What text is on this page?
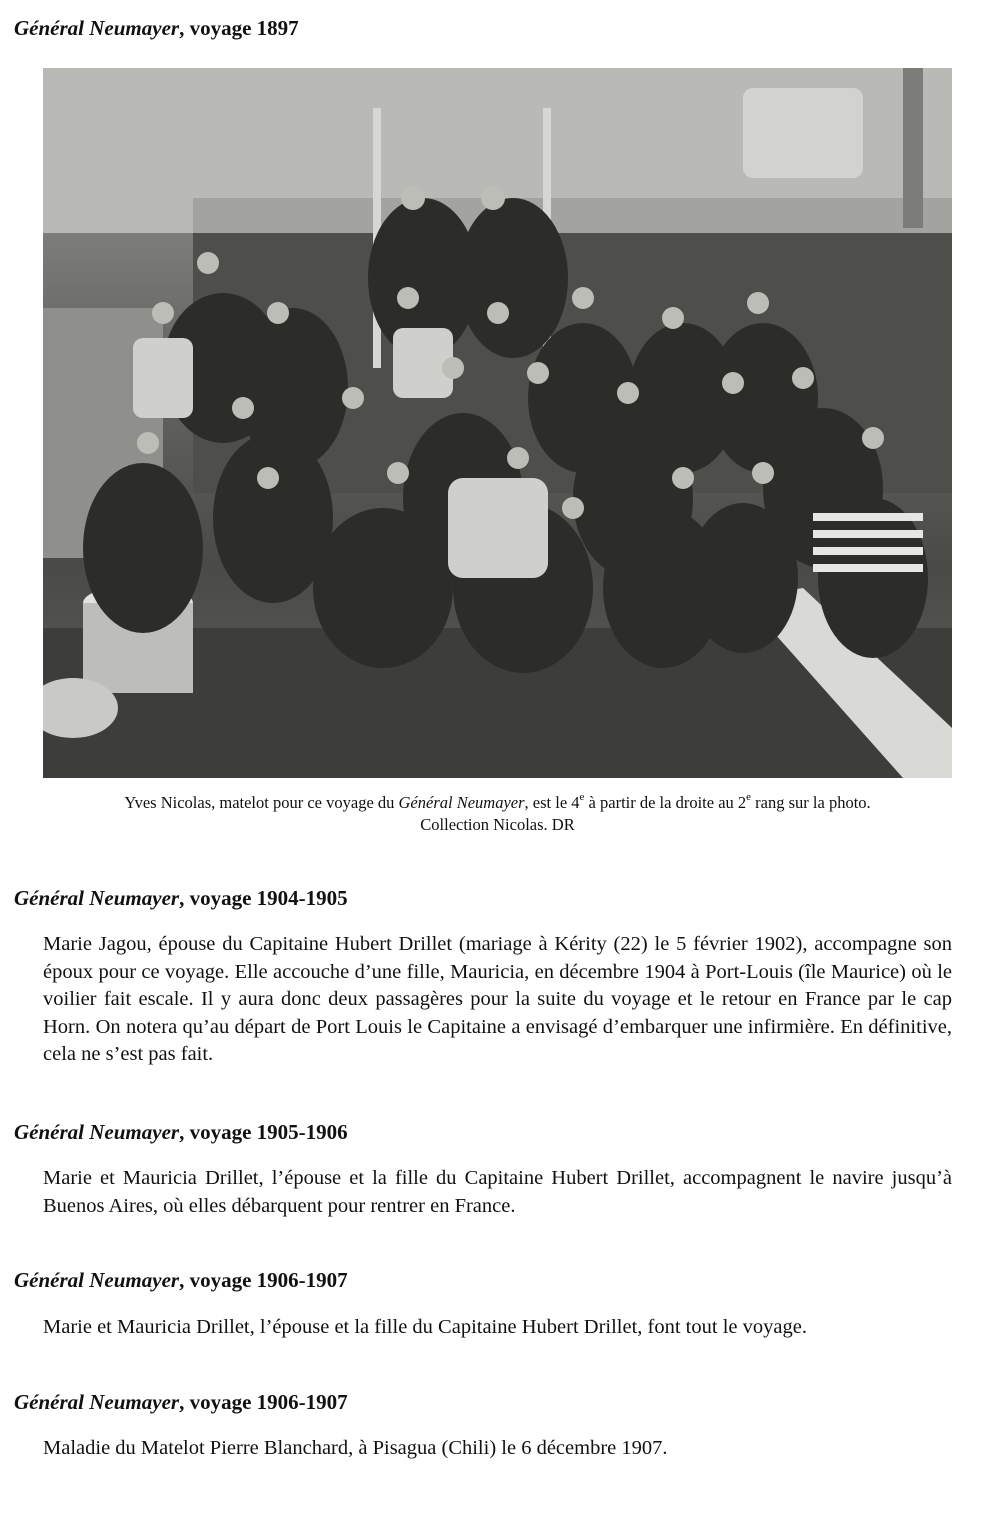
Général Neumayer, voyage 1897
Yves Nicolas, matelot pour ce voyage du Général Neumayer, est le 4e à partir de la droite au 2e rang sur la photo.
Collection Nicolas. DR
Général Neumayer, voyage 1904-1905
Marie Jagou, épouse du Capitaine Hubert Drillet (mariage à Kérity (22) le 5 février 1902), accompagne son époux pour ce voyage. Elle accouche d’une fille, Mauricia, en décembre 1904 à Port-Louis (île Maurice) où le voilier fait escale. Il y aura donc deux passagères pour la suite du voyage et le retour en France par le cap Horn. On notera qu’au départ de Port Louis le Capitaine a envisagé d’embarquer une infirmière. En définitive, cela ne s’est pas fait.
Général Neumayer, voyage 1905-1906
Marie et Mauricia Drillet, l’épouse et la fille du Capitaine Hubert Drillet, accompagnent le navire jusqu’à Buenos Aires, où elles débarquent pour rentrer en France.
Général Neumayer, voyage 1906-1907
Marie et Mauricia Drillet, l’épouse et la fille du Capitaine Hubert Drillet, font tout le voyage.
Général Neumayer, voyage 1906-1907
Maladie du Matelot Pierre Blanchard, à Pisagua (Chili) le 6 décembre 1907.
